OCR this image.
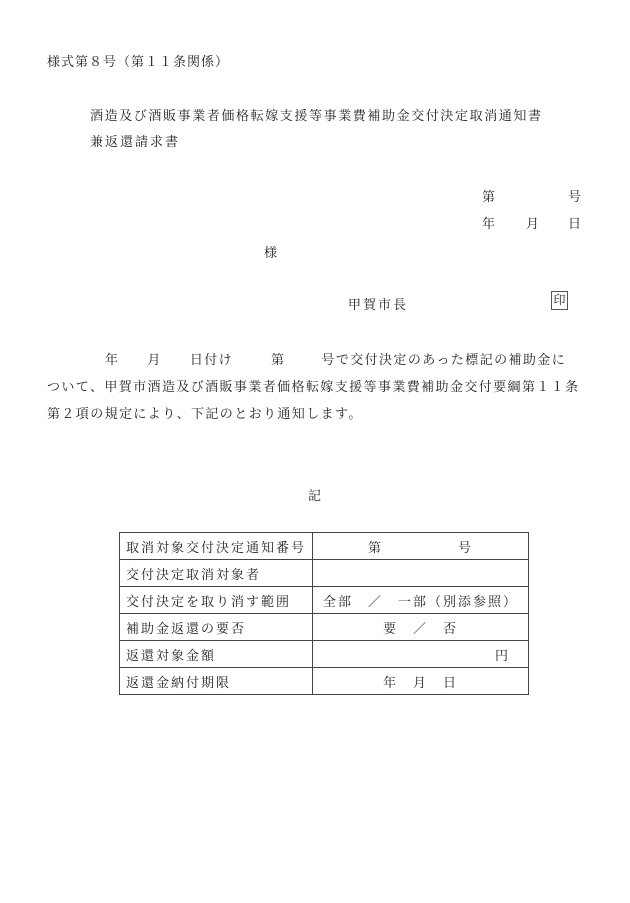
様式第８号（第１１条関係）
酒造及び酒販事業者価格転嫁支援等事業費補助金交付決定取消通知書
兼返還請求書
第	号
年 月 日
様
甲賀市長	印
年 月 日付け	第	号で交付決定のあった標記の補助金に
ついて、甲賀市酒造及び酒販事業者価格転嫁支援等事業費補助金交付要綱第１１条
第２項の規定により、下記のとおり通知します。
記
取消対象交付決定通知番号	第　　　　　号
交付決定取消対象者	
交付決定を取り消す範囲	全部　／　一部（別添参照）
補助金返還の要否	要　／　否
返還対象金額	円
返還金納付期限	年　月　日
